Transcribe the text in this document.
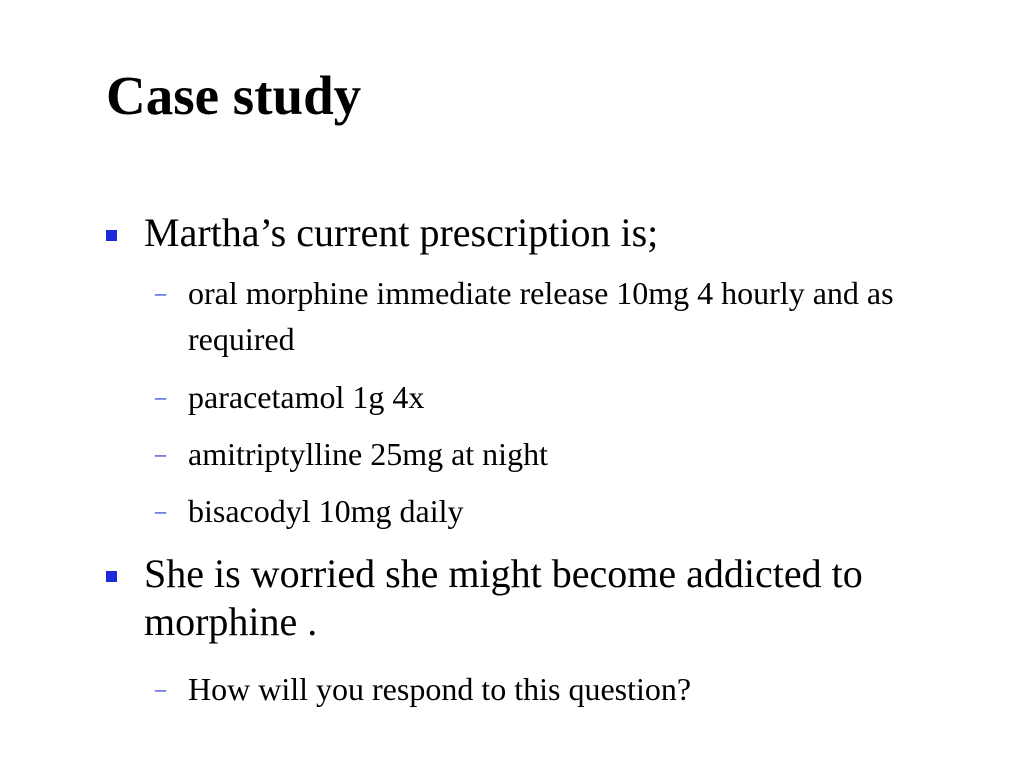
Case study
Martha’s current prescription is;
– oral morphine immediate release 10mg 4 hourly and as required
– paracetamol 1g 4x
– amitriptylline 25mg at night
– bisacodyl 10mg daily
She is worried she might become addicted to morphine .
– How will you respond to this question?
